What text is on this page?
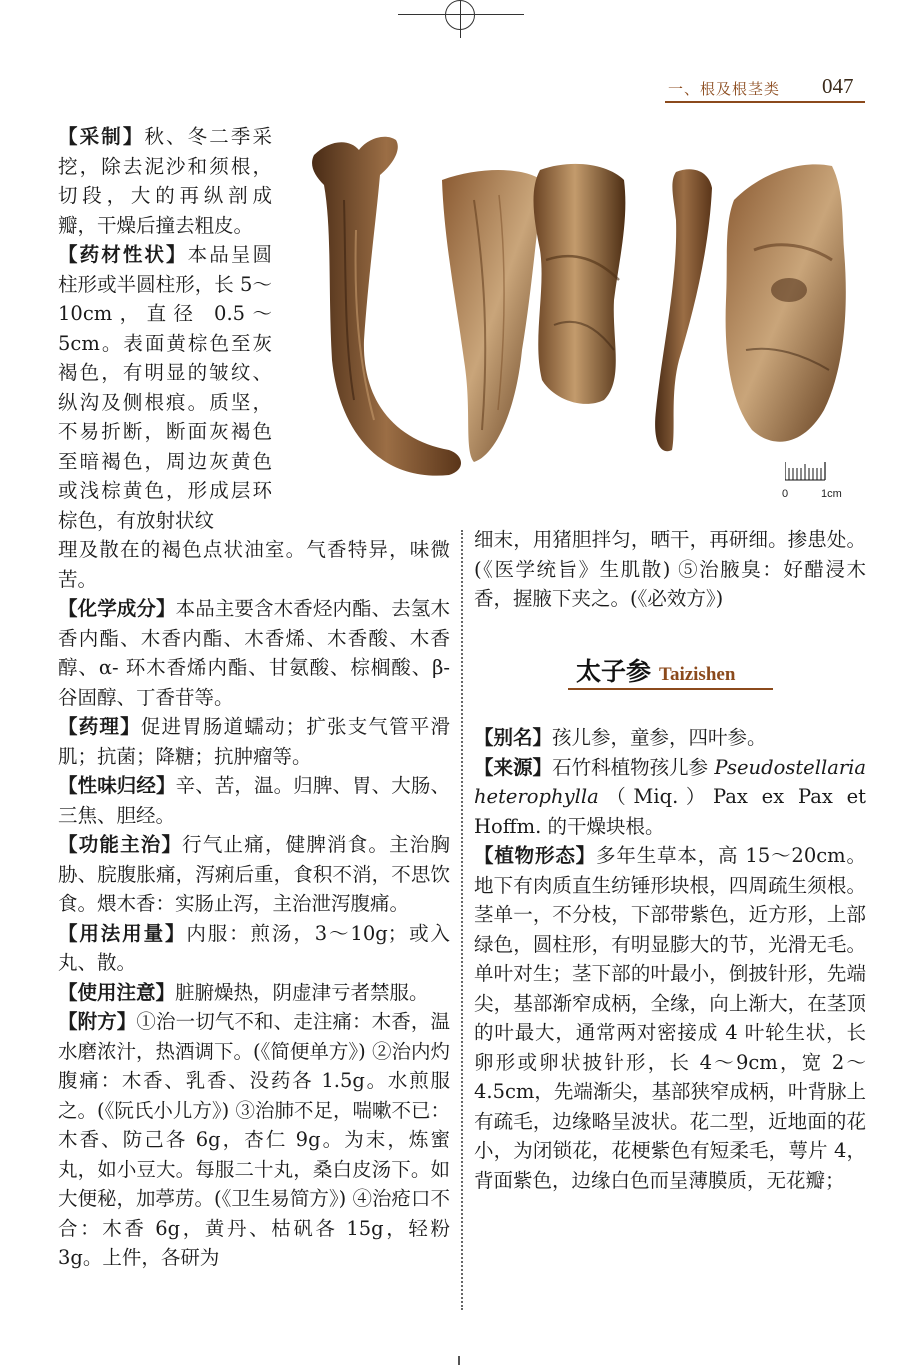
一、根及根茎类 047
0	1cm

【采制】秋、冬二季采挖，除去泥沙和须根，切段，大的再纵剖成瓣，干燥后撞去粗皮。

【药材性状】本品呈圆柱形或半圆柱形，长 5～10cm，直径 0.5～5cm。表面黄棕色至灰褐色，有明显的皱纹、纵沟及侧根痕。质坚，不易折断，断面灰褐色至暗褐色，周边灰黄色或浅棕黄色，形成层环棕色，有放射状纹

理及散在的褐色点状油室。气香特异，味微苦。

【化学成分】本品主要含木香烃内酯、去氢木香内酯、木香内酯、木香烯、木香酸、木香醇、α- 环木香烯内酯、甘氨酸、棕榈酸、β- 谷固醇、丁香苷等。

【药理】促进胃肠道蠕动；扩张支气管平滑肌；抗菌；降糖；抗肿瘤等。

【性味归经】辛、苦，温。归脾、胃、大肠、三焦、胆经。

【功能主治】行气止痛，健脾消食。主治胸胁、脘腹胀痛，泻痢后重，食积不消，不思饮食。煨木香：实肠止泻，主治泄泻腹痛。

【用法用量】内服：煎汤，3～10g；或入丸、散。

【使用注意】脏腑燥热，阴虚津亏者禁服。

【附方】①治一切气不和、走注痛：木香，温水磨浓汁，热酒调下。(《简便单方》) ②治内灼腹痛：木香、乳香、没药各 1.5g。水煎服之。(《阮氏小儿方》) ③治肺不足，喘嗽不已：木香、防己各 6g，杏仁 9g。为末，炼蜜丸，如小豆大。每服二十丸，桑白皮汤下。如大便秘，加葶苈。(《卫生易简方》) ④治疮口不合：木香 6g，黄丹、枯矾各 15g，轻粉 3g。上件，各研为

细末，用猪胆拌匀，晒干，再研细。掺患处。(《医学统旨》生肌散) ⑤治腋臭：好醋浸木香，握腋下夹之。(《必效方》)

太子参 Taizishen

【别名】孩儿参，童参，四叶参。

【来源】石竹科植物孩儿参 Pseudostellaria heterophylla（Miq.）Pax ex Pax et Hoffm. 的干燥块根。

【植物形态】多年生草本，高 15～20cm。地下有肉质直生纺锤形块根，四周疏生须根。茎单一，不分枝，下部带紫色，近方形，上部绿色，圆柱形，有明显膨大的节，光滑无毛。单叶对生；茎下部的叶最小，倒披针形，先端尖，基部渐窄成柄，全缘，向上渐大，在茎顶的叶最大，通常两对密接成 4 叶轮生状，长卵形或卵状披针形，长 4～9cm，宽 2～4.5cm，先端渐尖，基部狭窄成柄，叶背脉上有疏毛，边缘略呈波状。花二型，近地面的花小，为闭锁花，花梗紫色有短柔毛，萼片 4，背面紫色，边缘白色而呈薄膜质，无花瓣；
